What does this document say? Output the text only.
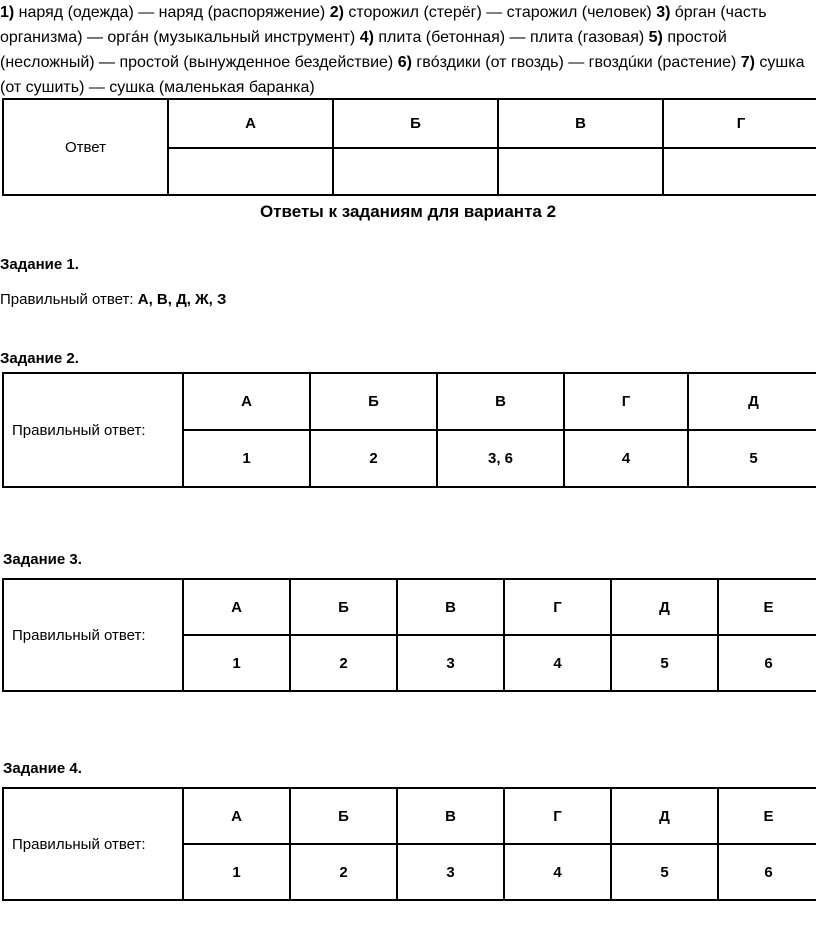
1) наряд (одежда) — наряд (распоряжение) 2) сторожил (стерёг) — старожил (человек) 3) óрган (часть организма) — оргáн (музыкальный инструмент) 4) плита (бетонная) — плита (газовая) 5) простой (несложный) — простой (вынужденное бездействие) 6) гвóздики (от гвоздь) — гвоздúки (растение) 7) сушка (от сушить) — сушка (маленькая баранка)
Ответ	А	Б	В	Г

Ответы к заданиям для варианта 2
Задание 1.
Правильный ответ: А, В, Д, Ж, З
Задание 2.
Правильный ответ:	А	Б	В	Г	Д
	1	2	3, 6	4	5
Задание 3.
Правильный ответ:	А	Б	В	Г	Д	Е
	1	2	3	4	5	6
Задание 4.
Правильный ответ:	А	Б	В	Г	Д	Е
	1	2	3	4	5	6
